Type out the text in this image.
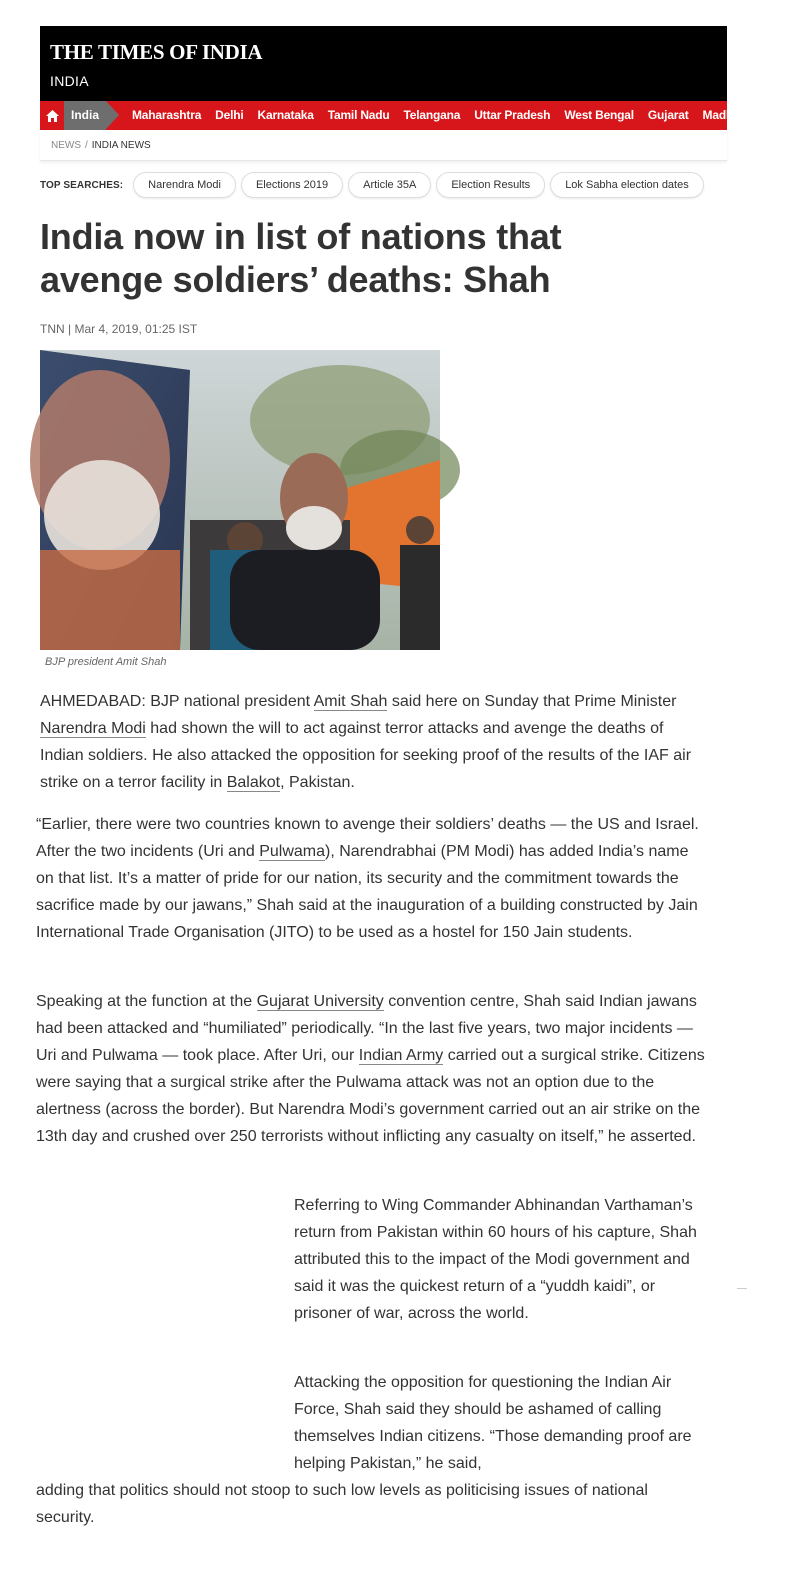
THE TIMES OF INDIA
INDIA
India	Maharashtra Delhi Karnataka Tamil Nadu Telangana Uttar Pradesh West Bengal Gujarat Madhya Pradesh
NEWS / INDIA NEWS
TOP SEARCHES:	Narendra Modi	Elections 2019	Article 35A	Election Results	Lok Sabha election dates
India now in list of nations that avenge soldiers’ deaths: Shah
TNN | Mar 4, 2019, 01:25 IST
BJP president Amit Shah

AHMEDABAD: BJP national president Amit Shah said here on Sunday that Prime Minister Narendra Modi had shown the will to act against terror attacks and avenge the deaths of Indian soldiers. He also attacked the opposition for seeking proof of the results of the IAF air strike on a terror facility in Balakot, Pakistan.

“Earlier, there were two countries known to avenge their soldiers’ deaths — the US and Israel. After the two incidents (Uri and Pulwama), Narendrabhai (PM Modi) has added India’s name on that list. It’s a matter of pride for our nation, its security and the commitment towards the sacrifice made by our jawans,” Shah said at the inauguration of a building constructed by Jain International Trade Organisation (JITO) to be used as a hostel for 150 Jain students.

Speaking at the function at the Gujarat University convention centre, Shah said Indian jawans had been attacked and “humiliated” periodically. “In the last five years, two major incidents — Uri and Pulwama — took place. After Uri, our Indian Army carried out a surgical strike. Citizens were saying that a surgical strike after the Pulwama attack was not an option due to the alertness (across the border). But Narendra Modi’s government carried out an air strike on the 13th day and crushed over 250 terrorists without inflicting any casualty on itself,” he asserted.

Referring to Wing Commander Abhinandan Varthaman’s return from Pakistan within 60 hours of his capture, Shah attributed this to the impact of the Modi government and said it was the quickest return of a “yuddh kaidi”, or prisoner of war, across the world.

Attacking the opposition for questioning the Indian Air Force, Shah said they should be ashamed of calling themselves Indian citizens. “Those demanding proof are helping Pakistan,” he said,

adding that politics should not stoop to such low levels as politicising issues of national security.
